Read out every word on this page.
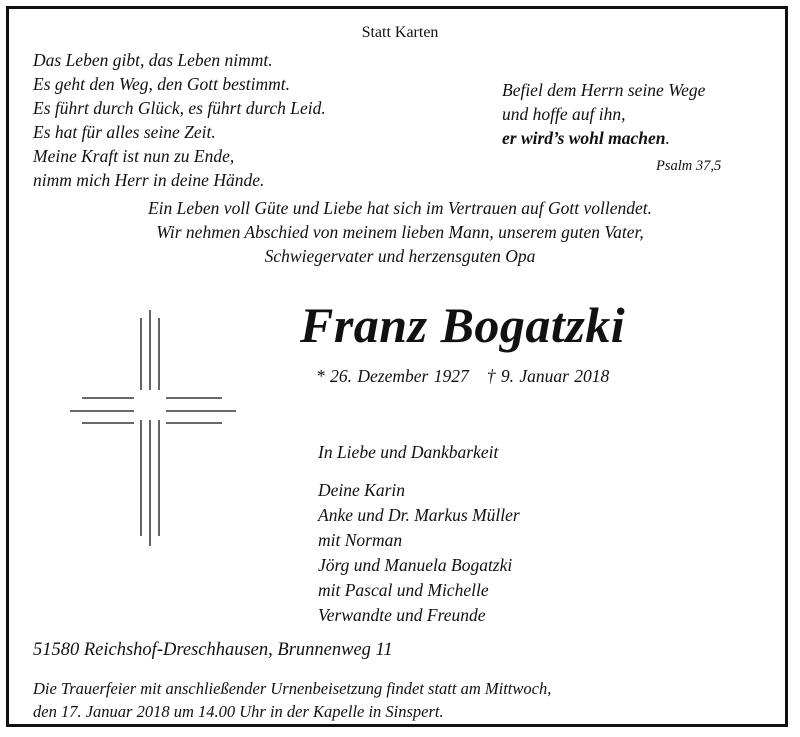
Statt Karten
Das Leben gibt, das Leben nimmt.
Es geht den Weg, den Gott bestimmt.
Es führt durch Glück, es führt durch Leid.
Es hat für alles seine Zeit.
Meine Kraft ist nun zu Ende,
nimm mich Herr in deine Hände.
Befiel dem Herrn seine Wege
und hoffe auf ihn,
er wird’s wohl machen.
Psalm 37,5
Ein Leben voll Güte und Liebe hat sich im Vertrauen auf Gott vollendet.
Wir nehmen Abschied von meinem lieben Mann, unserem guten Vater,
Schwiegervater und herzensguten Opa
Franz Bogatzki
* 26. Dezember 1927 † 9. Januar 2018
In Liebe und Dankbarkeit
Deine Karin
Anke und Dr. Markus Müller
mit Norman
Jörg und Manuela Bogatzki
mit Pascal und Michelle
Verwandte und Freunde
51580 Reichshof-Dreschhausen, Brunnenweg 11
Die Trauerfeier mit anschließender Urnenbeisetzung findet statt am Mittwoch,
den 17. Januar 2018 um 14.00 Uhr in der Kapelle in Sinspert.
